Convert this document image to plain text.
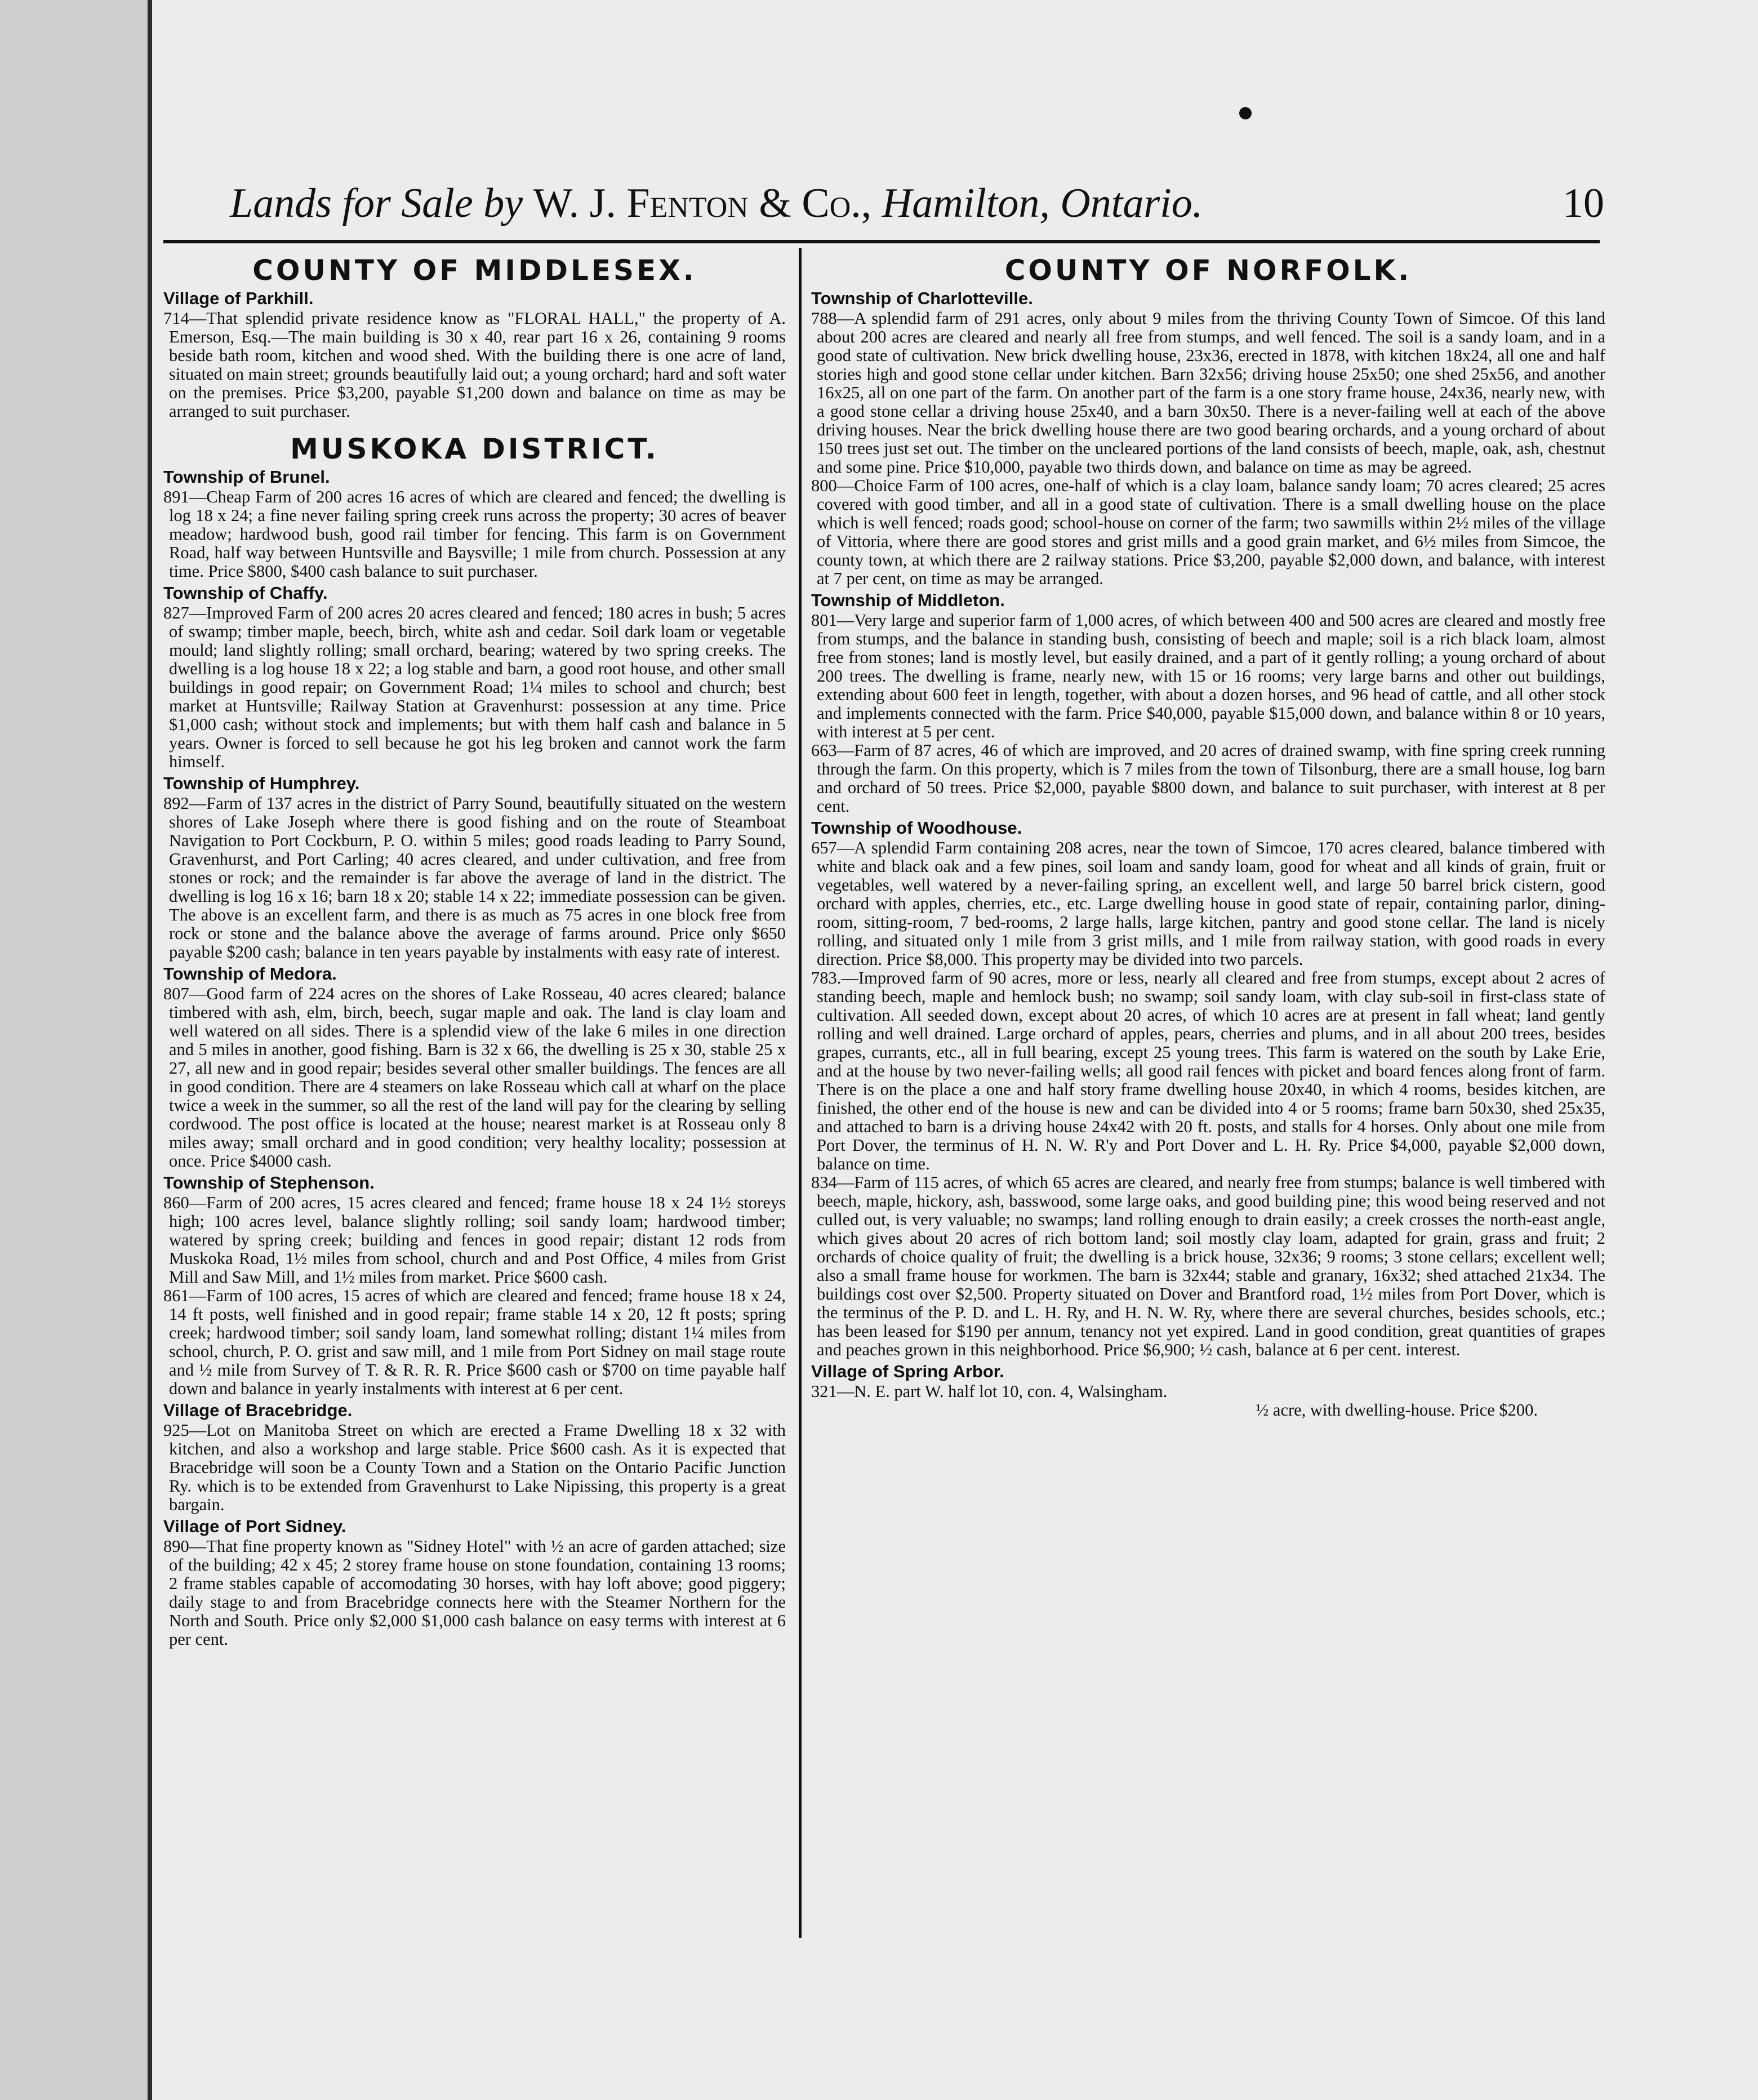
Lands for Sale by W. J. Fenton & Co., Hamilton, Ontario.	10
COUNTY OF MIDDLESEX.
Village of Parkhill.

714—That splendid private residence know as "FLORAL HALL," the property of A. Emerson, Esq.—The main building is 30 x 40, rear part 16 x 26, containing 9 rooms beside bath room, kitchen and wood shed. With the building there is one acre of land, situated on main street; grounds beautifully laid out; a young orchard; hard and soft water on the premises. Price $3,200, payable $1,200 down and balance on time as may be arranged to suit purchaser.

MUSKOKA DISTRICT.
Township of Brunel.

891—Cheap Farm of 200 acres 16 acres of which are cleared and fenced; the dwelling is log 18 x 24; a fine never failing spring creek runs across the property; 30 acres of beaver meadow; hardwood bush, good rail timber for fencing. This farm is on Government Road, half way between Huntsville and Baysville; 1 mile from church. Possession at any time. Price $800, $400 cash balance to suit purchaser.

Township of Chaffy.

827—Improved Farm of 200 acres 20 acres cleared and fenced; 180 acres in bush; 5 acres of swamp; timber maple, beech, birch, white ash and cedar. Soil dark loam or vegetable mould; land slightly rolling; small orchard, bearing; watered by two spring creeks. The dwelling is a log house 18 x 22; a log stable and barn, a good root house, and other small buildings in good repair; on Government Road; 1¼ miles to school and church; best market at Huntsville; Railway Station at Gravenhurst: possession at any time. Price $1,000 cash; without stock and implements; but with them half cash and balance in 5 years. Owner is forced to sell because he got his leg broken and cannot work the farm himself.

Township of Humphrey.

892—Farm of 137 acres in the district of Parry Sound, beautifully situated on the western shores of Lake Joseph where there is good fishing and on the route of Steamboat Navigation to Port Cockburn, P. O. within 5 miles; good roads leading to Parry Sound, Gravenhurst, and Port Carling; 40 acres cleared, and under cultivation, and free from stones or rock; and the remainder is far above the average of land in the district. The dwelling is log 16 x 16; barn 18 x 20; stable 14 x 22; immediate possession can be given. The above is an excellent farm, and there is as much as 75 acres in one block free from rock or stone and the balance above the average of farms around. Price only $650 payable $200 cash; balance in ten years payable by instalments with easy rate of interest.

Township of Medora.

807—Good farm of 224 acres on the shores of Lake Rosseau, 40 acres cleared; balance timbered with ash, elm, birch, beech, sugar maple and oak. The land is clay loam and well watered on all sides. There is a splendid view of the lake 6 miles in one direction and 5 miles in another, good fishing. Barn is 32 x 66, the dwelling is 25 x 30, stable 25 x 27, all new and in good repair; besides several other smaller buildings. The fences are all in good condition. There are 4 steamers on lake Rosseau which call at wharf on the place twice a week in the summer, so all the rest of the land will pay for the clearing by selling cordwood. The post office is located at the house; nearest market is at Rosseau only 8 miles away; small orchard and in good condition; very healthy locality; possession at once. Price $4000 cash.

Township of Stephenson.

860—Farm of 200 acres, 15 acres cleared and fenced; frame house 18 x 24 1½ storeys high; 100 acres level, balance slightly rolling; soil sandy loam; hardwood timber; watered by spring creek; building and fences in good repair; distant 12 rods from Muskoka Road, 1½ miles from school, church and and Post Office, 4 miles from Grist Mill and Saw Mill, and 1½ miles from market. Price $600 cash.

861—Farm of 100 acres, 15 acres of which are cleared and fenced; frame house 18 x 24, 14 ft posts, well finished and in good repair; frame stable 14 x 20, 12 ft posts; spring creek; hardwood timber; soil sandy loam, land somewhat rolling; distant 1¼ miles from school, church, P. O. grist and saw mill, and 1 mile from Port Sidney on mail stage route and ½ mile from Survey of T. & R. R. R. Price $600 cash or $700 on time payable half down and balance in yearly instalments with interest at 6 per cent.

Village of Bracebridge.

925—Lot on Manitoba Street on which are erected a Frame Dwelling 18 x 32 with kitchen, and also a workshop and large stable. Price $600 cash. As it is expected that Bracebridge will soon be a County Town and a Station on the Ontario Pacific Junction Ry. which is to be extended from Gravenhurst to Lake Nipissing, this property is a great bargain.

Village of Port Sidney.

890—That fine property known as "Sidney Hotel" with ½ an acre of garden attached; size of the building; 42 x 45; 2 storey frame house on stone foundation, containing 13 rooms; 2 frame stables capable of accomodating 30 horses, with hay loft above; good piggery; daily stage to and from Bracebridge connects here with the Steamer Northern for the North and South. Price only $2,000 $1,000 cash balance on easy terms with interest at 6 per cent.

COUNTY OF NORFOLK.
Township of Charlotteville.

788—A splendid farm of 291 acres, only about 9 miles from the thriving County Town of Simcoe. Of this land about 200 acres are cleared and nearly all free from stumps, and well fenced. The soil is a sandy loam, and in a good state of cultivation. New brick dwelling house, 23x36, erected in 1878, with kitchen 18x24, all one and half stories high and good stone cellar under kitchen. Barn 32x56; driving house 25x50; one shed 25x56, and another 16x25, all on one part of the farm. On another part of the farm is a one story frame house, 24x36, nearly new, with a good stone cellar a driving house 25x40, and a barn 30x50. There is a never-failing well at each of the above driving houses. Near the brick dwelling house there are two good bearing orchards, and a young orchard of about 150 trees just set out. The timber on the uncleared portions of the land consists of beech, maple, oak, ash, chestnut and some pine. Price $10,000, payable two thirds down, and balance on time as may be agreed.

800—Choice Farm of 100 acres, one-half of which is a clay loam, balance sandy loam; 70 acres cleared; 25 acres covered with good timber, and all in a good state of cultivation. There is a small dwelling house on the place which is well fenced; roads good; school-house on corner of the farm; two sawmills within 2½ miles of the village of Vittoria, where there are good stores and grist mills and a good grain market, and 6½ miles from Simcoe, the county town, at which there are 2 railway stations. Price $3,200, payable $2,000 down, and balance, with interest at 7 per cent, on time as may be arranged.

Township of Middleton.

801—Very large and superior farm of 1,000 acres, of which between 400 and 500 acres are cleared and mostly free from stumps, and the balance in standing bush, consisting of beech and maple; soil is a rich black loam, almost free from stones; land is mostly level, but easily drained, and a part of it gently rolling; a young orchard of about 200 trees. The dwelling is frame, nearly new, with 15 or 16 rooms; very large barns and other out buildings, extending about 600 feet in length, together, with about a dozen horses, and 96 head of cattle, and all other stock and implements connected with the farm. Price $40,000, payable $15,000 down, and balance within 8 or 10 years, with interest at 5 per cent.

663—Farm of 87 acres, 46 of which are improved, and 20 acres of drained swamp, with fine spring creek running through the farm. On this property, which is 7 miles from the town of Tilsonburg, there are a small house, log barn and orchard of 50 trees. Price $2,000, payable $800 down, and balance to suit purchaser, with interest at 8 per cent.

Township of Woodhouse.

657—A splendid Farm containing 208 acres, near the town of Simcoe, 170 acres cleared, balance timbered with white and black oak and a few pines, soil loam and sandy loam, good for wheat and all kinds of grain, fruit or vegetables, well watered by a never-failing spring, an excellent well, and large 50 barrel brick cistern, good orchard with apples, cherries, etc., etc. Large dwelling house in good state of repair, containing parlor, dining-room, sitting-room, 7 bed-rooms, 2 large halls, large kitchen, pantry and good stone cellar. The land is nicely rolling, and situated only 1 mile from 3 grist mills, and 1 mile from railway station, with good roads in every direction. Price $8,000. This property may be divided into two parcels.

783.—Improved farm of 90 acres, more or less, nearly all cleared and free from stumps, except about 2 acres of standing beech, maple and hemlock bush; no swamp; soil sandy loam, with clay sub-soil in first-class state of cultivation. All seeded down, except about 20 acres, of which 10 acres are at present in fall wheat; land gently rolling and well drained. Large orchard of apples, pears, cherries and plums, and in all about 200 trees, besides grapes, currants, etc., all in full bearing, except 25 young trees. This farm is watered on the south by Lake Erie, and at the house by two never-failing wells; all good rail fences with picket and board fences along front of farm. There is on the place a one and half story frame dwelling house 20x40, in which 4 rooms, besides kitchen, are finished, the other end of the house is new and can be divided into 4 or 5 rooms; frame barn 50x30, shed 25x35, and attached to barn is a driving house 24x42 with 20 ft. posts, and stalls for 4 horses. Only about one mile from Port Dover, the terminus of H. N. W. R'y and Port Dover and L. H. Ry. Price $4,000, payable $2,000 down, balance on time.

834—Farm of 115 acres, of which 65 acres are cleared, and nearly free from stumps; balance is well timbered with beech, maple, hickory, ash, basswood, some large oaks, and good building pine; this wood being reserved and not culled out, is very valuable; no swamps; land rolling enough to drain easily; a creek crosses the north-east angle, which gives about 20 acres of rich bottom land; soil mostly clay loam, adapted for grain, grass and fruit; 2 orchards of choice quality of fruit; the dwelling is a brick house, 32x36; 9 rooms; 3 stone cellars; excellent well; also a small frame house for workmen. The barn is 32x44; stable and granary, 16x32; shed attached 21x34. The buildings cost over $2,500. Property situated on Dover and Brantford road, 1½ miles from Port Dover, which is the terminus of the P. D. and L. H. Ry, and H. N. W. Ry, where there are several churches, besides schools, etc.; has been leased for $190 per annum, tenancy not yet expired. Land in good condition, great quantities of grapes and peaches grown in this neighborhood. Price $6,900; ½ cash, balance at 6 per cent. interest.

Village of Spring Arbor.

321—N. E. part W. half lot 10, con. 4, Walsingham.

½ acre, with dwelling-house. Price $200.
